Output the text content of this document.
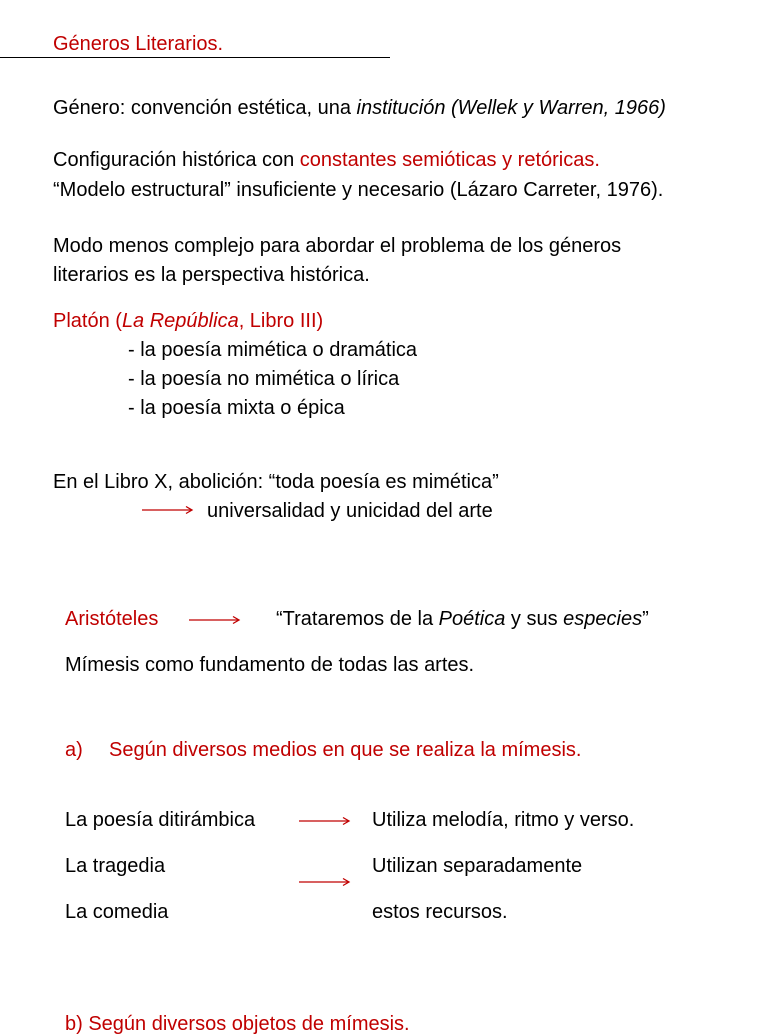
Géneros Literarios.
Género: convención estética, una institución (Wellek y Warren, 1966)
Configuración histórica con constantes semióticas y retóricas.
“Modelo estructural” insuficiente y necesario (Lázaro Carreter, 1976).
Modo menos complejo para abordar el problema de los géneros
literarios es la perspectiva histórica.
Platón (La República, Libro III)
- la poesía mimética o dramática
- la poesía no mimética o lírica
- la poesía mixta o épica
En el Libro X, abolición: “toda poesía es mimética”
universalidad y unicidad del arte
Aristóteles	“Trataremos de la Poética y sus especies”
Mímesis como fundamento de todas las artes.
a) Según diversos medios en que se realiza la mímesis.
La poesía ditirámbica	Utiliza melodía, ritmo y verso.
La tragedia	Utilizan separadamente
La comedia	estos recursos.
b) Según diversos objetos de mímesis.
